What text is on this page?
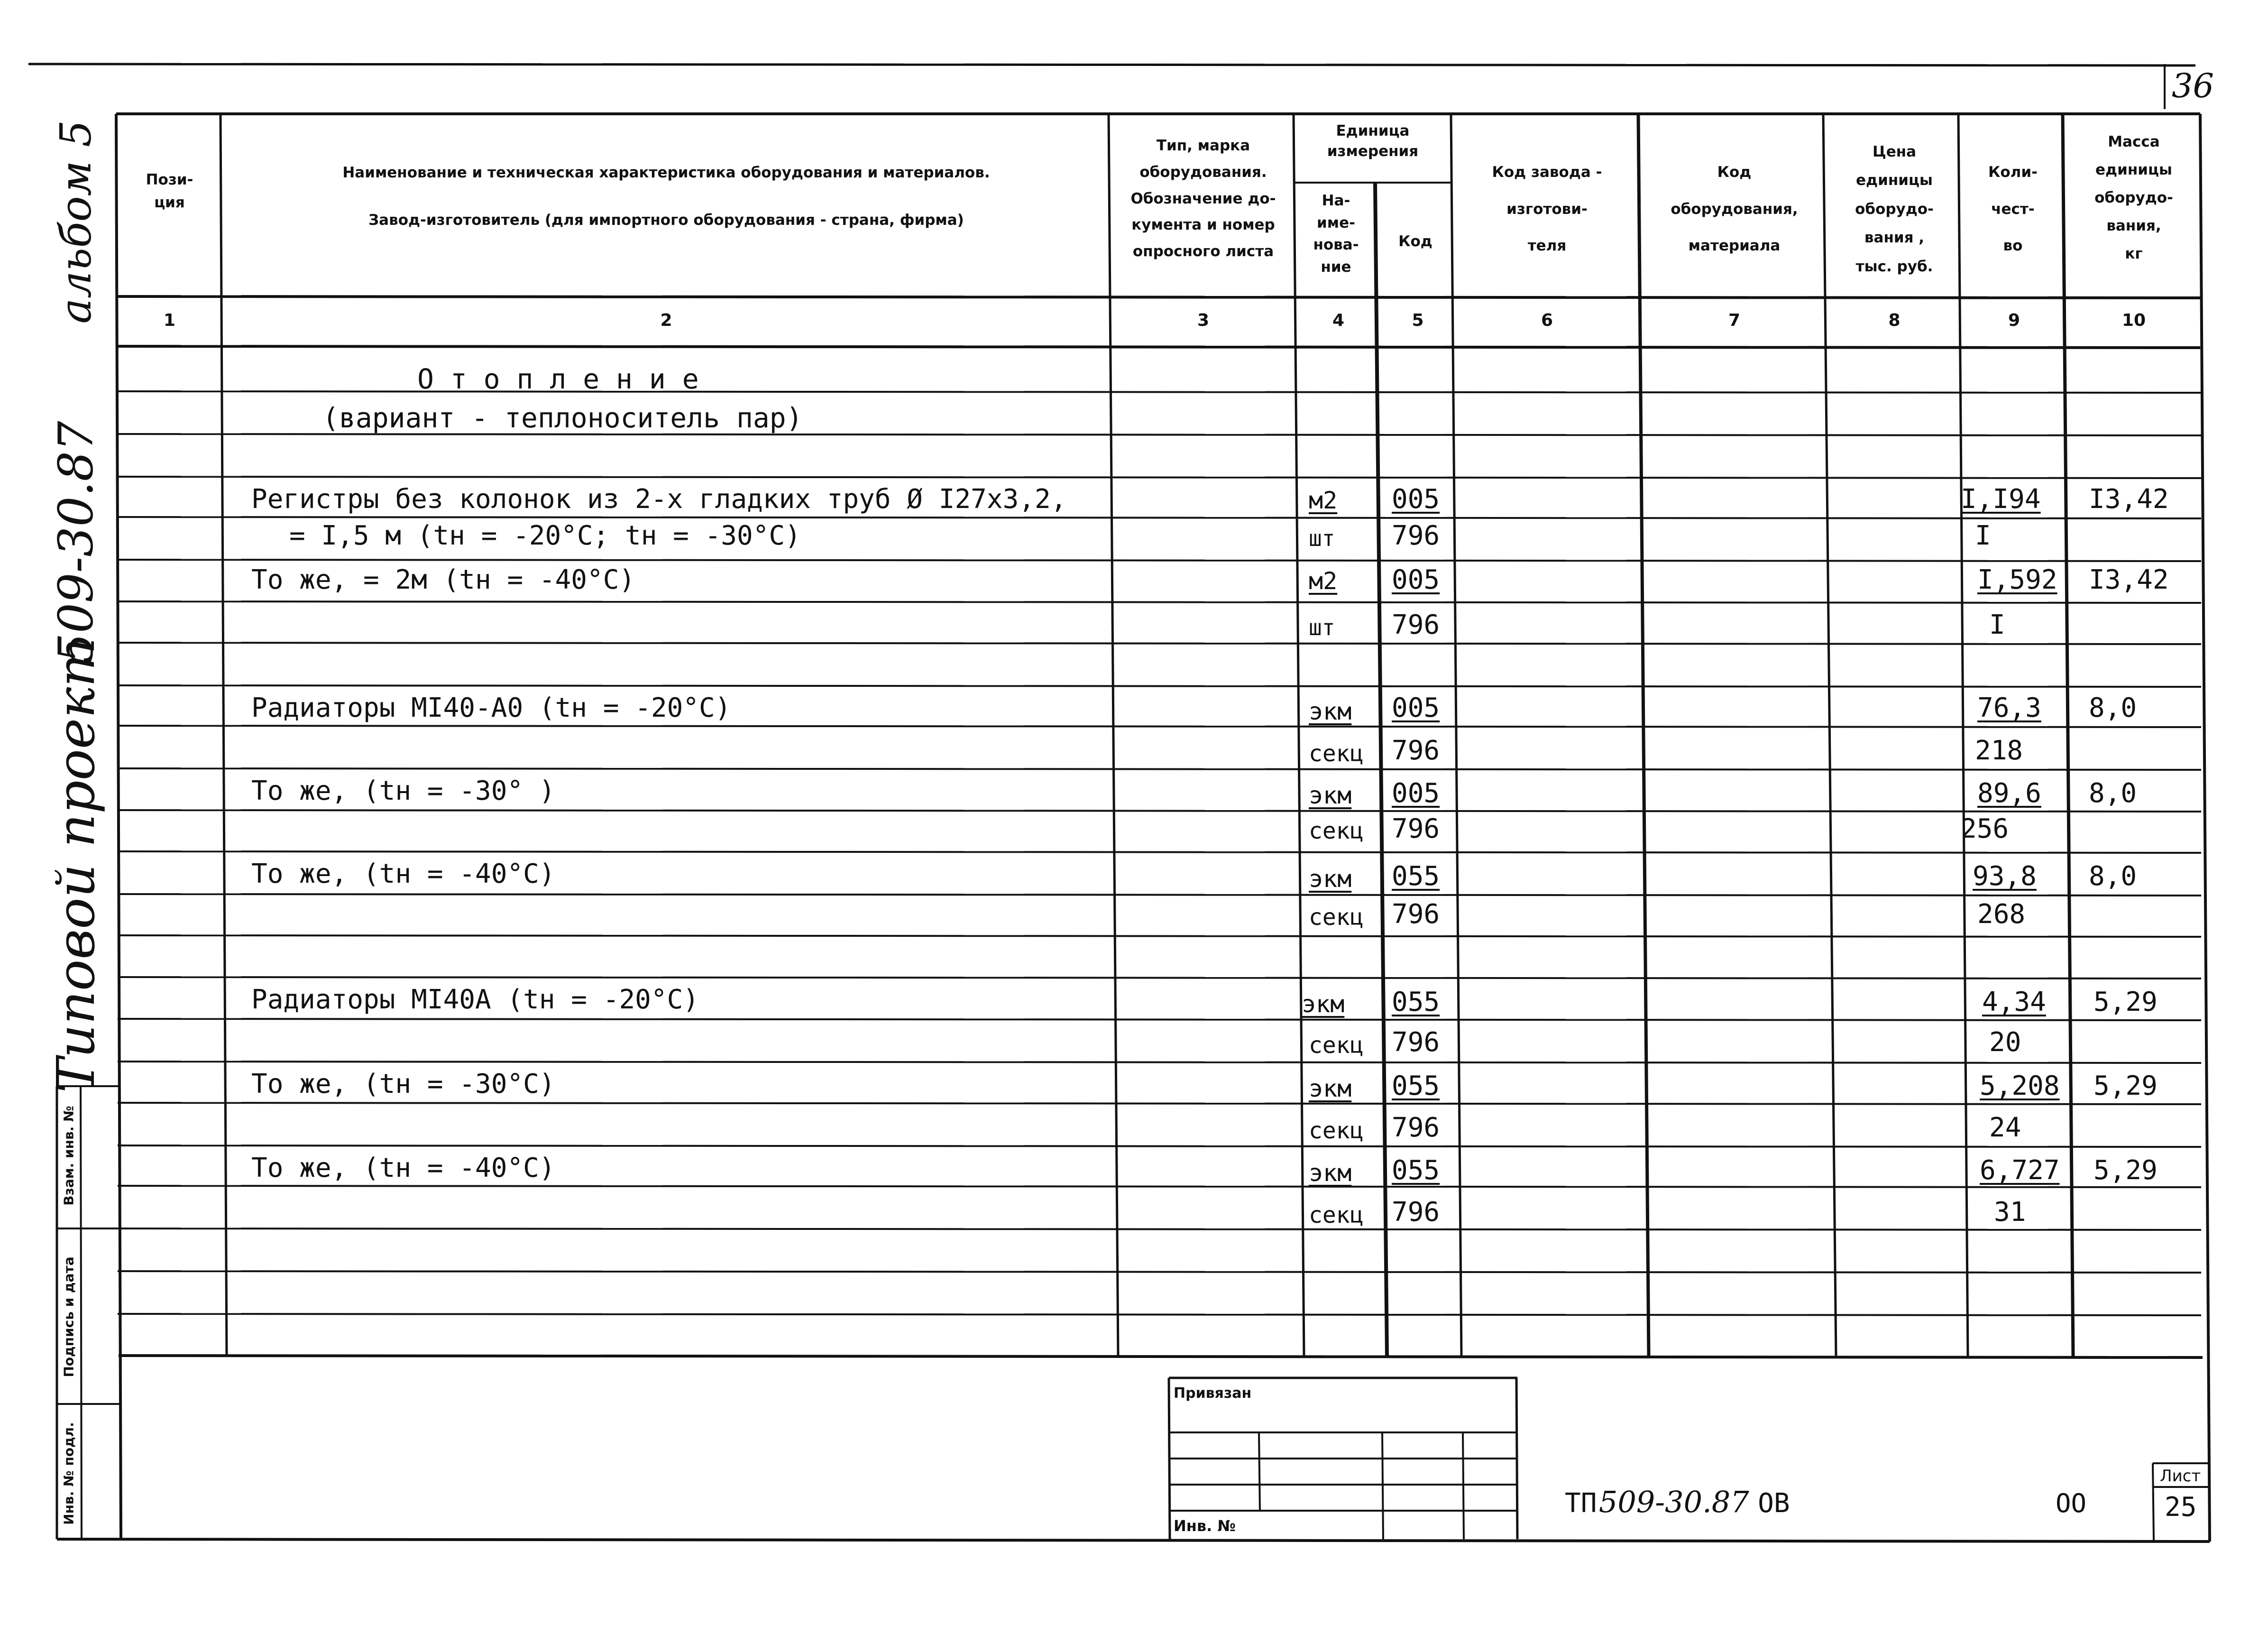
36
альбом 5
509-30.87
Типовой проект
Пози-
ция
Наименование и техническая характеристика оборудования и материалов.
Завод-изготовитель (для импортного оборудования - страна, фирма)
Тип, марка
оборудования.
Обозначение до-
кумента и номер
опросного листа
Единица
измерения
На-
име-
нова-
ние
Код
Код завода -
изготови-
теля
Код
оборудования,
материала
Цена
единицы
оборудо-
вания ,
тыс. руб.
Коли-
чест-
во
Масса
единицы
оборудо-
вания,
кг
1	2	3	4	5	6	7	8	9	10
О т о п л е н и е
(вариант - теплоноситель пар)
Регистры без колонок из 2-х гладких труб Ø I27х3,2,	м2 005	I,I94 I3,42
= I,5 м (tн = -20°C; tн = -30°C)	шт 796	I
То же, = 2м (tн = -40°C)	м2 005	I,592 I3,42
шт 796	I
Радиаторы МI40-А0 (tн = -20°C)	экм 005	76,3 8,0
секц 796	218
То же, (tн = -30° )	экм 005	89,6 8,0
секц 796	256
То же, (tн = -40°C)	экм 055	93,8 8,0
секц 796	268
Радиаторы МI40А (tн = -20°C)	экм 055	4,34 5,29
секц 796	20
То же, (tн = -30°C)	экм 055	5,208 5,29
секц 796	24
То же, (tн = -40°C)	экм 055	6,727 5,29
секц 796	31
Взам. инв. №
Подпись и дата
Инв. № подл.
Привязан
Инв. №
ТП 509-30.87 ОВ	ОО
Лист
25
